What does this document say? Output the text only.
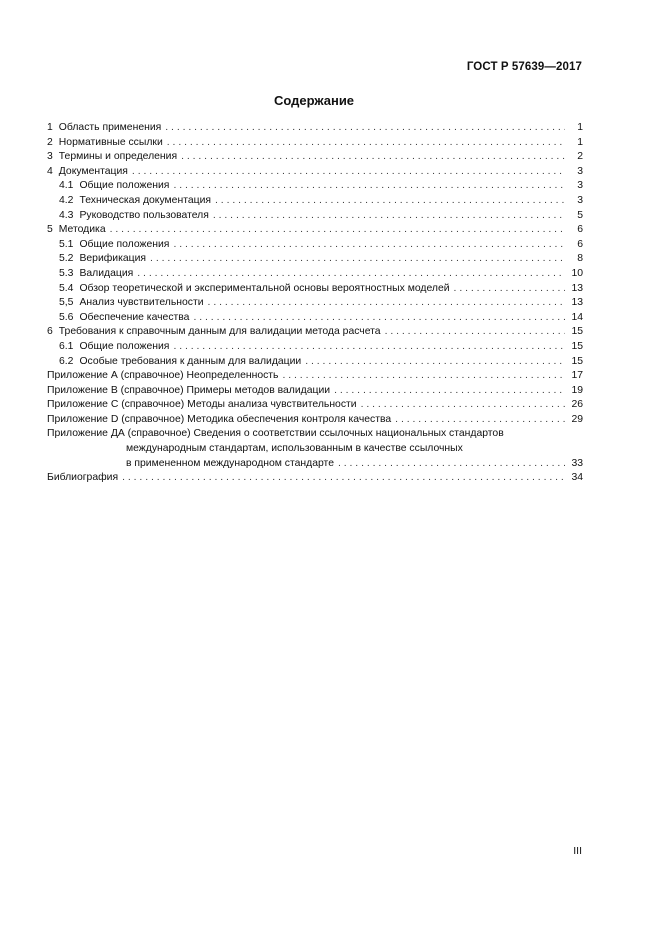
ГОСТ Р 57639—2017
Содержание
1 Область применения . . .	1
2 Нормативные ссылки . . .	1
3 Термины и определения . . .	2
4 Документация . . .	3
4.1 Общие положения . . .	3
4.2 Техническая документация . . .	3
4.3 Руководство пользователя . . .	5
5 Методика . . .	6
5.1 Общие положения . . .	6
5.2 Верификация . . .	8
5.3 Валидация . . .	10
5.4 Обзор теоретической и экспериментальной основы вероятностных моделей . . .	13
5,5 Анализ чувствительности . . .	13
5.6 Обеспечение качества . . .	14
6 Требования к справочным данным для валидации метода расчета . . .	15
6.1 Общие положения . . .	15
6.2 Особые требования к данным для валидации . . .	15
Приложение А (справочное) Неопределенность . . .	17
Приложение В (справочное) Примеры методов валидации . . .	19
Приложение С (справочное) Методы анализа чувствительности . . .	26
Приложение D (справочное) Методика обеспечения контроля качества . . .	29
Приложение ДА (справочное) Сведения о соответствии ссылочных национальных стандартов
международным стандартам, использованным в качестве ссылочных
в примененном международном стандарте . . .	33
Библиография . . .	34
III
